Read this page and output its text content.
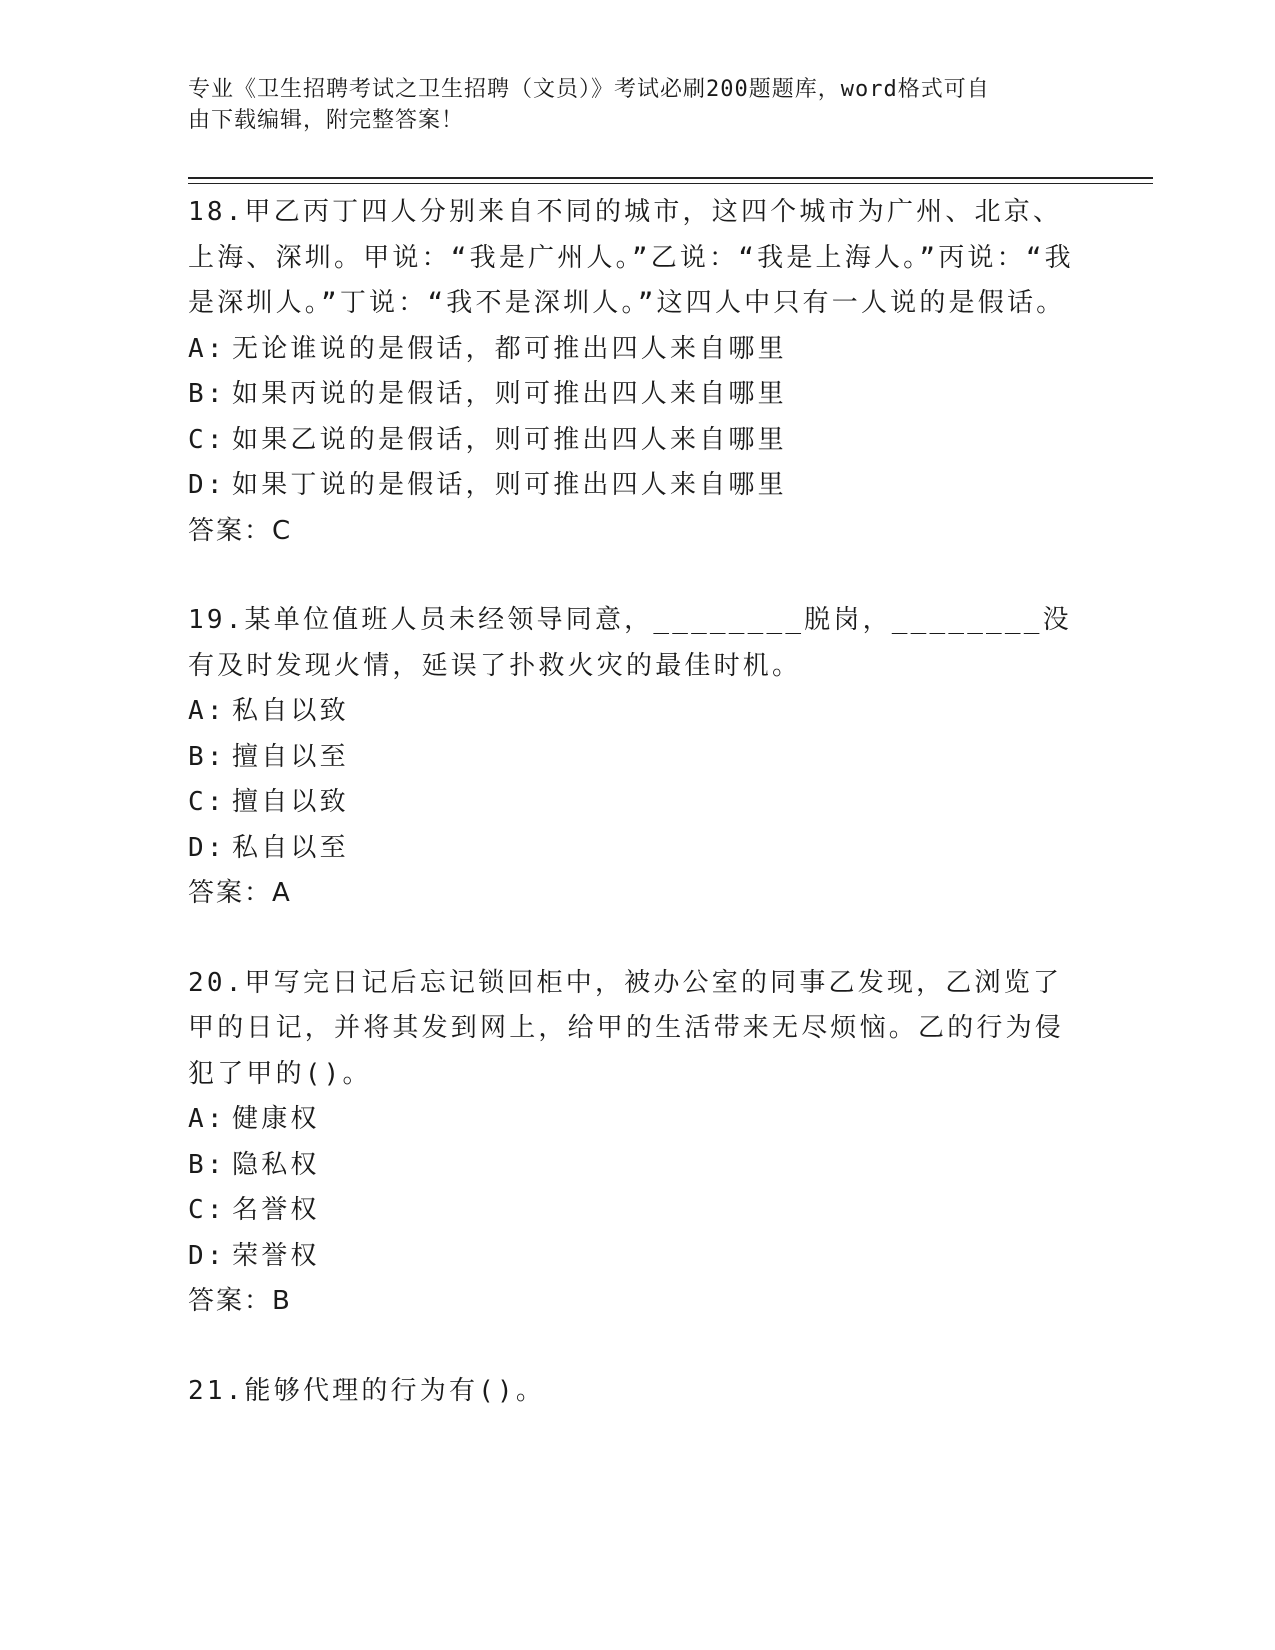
专业《卫生招聘考试之卫生招聘（文员）》考试必刷200题题库，word格式可自
由下载编辑，附完整答案！

18.甲乙丙丁四人分别来自不同的城市，这四个城市为广州、北京、上海、深圳。甲说：“我是广州人。”乙说：“我是上海人。”丙说：“我是深圳人。”丁说：“我不是深圳人。”这四人中只有一人说的是假话。

A: 无论谁说的是假话，都可推出四人来自哪里

B: 如果丙说的是假话，则可推出四人来自哪里

C: 如果乙说的是假话，则可推出四人来自哪里

D: 如果丁说的是假话，则可推出四人来自哪里

答案：C

19.某单位值班人员未经领导同意，________脱岗，________没有及时发现火情，延误了扑救火灾的最佳时机。

A: 私自以致

B: 擅自以至

C: 擅自以致

D: 私自以至

答案：A

20.甲写完日记后忘记锁回柜中，被办公室的同事乙发现，乙浏览了甲的日记，并将其发到网上，给甲的生活带来无尽烦恼。乙的行为侵犯了甲的()。

A: 健康权

B: 隐私权

C: 名誉权

D: 荣誉权

答案：B

21.能够代理的行为有()。
